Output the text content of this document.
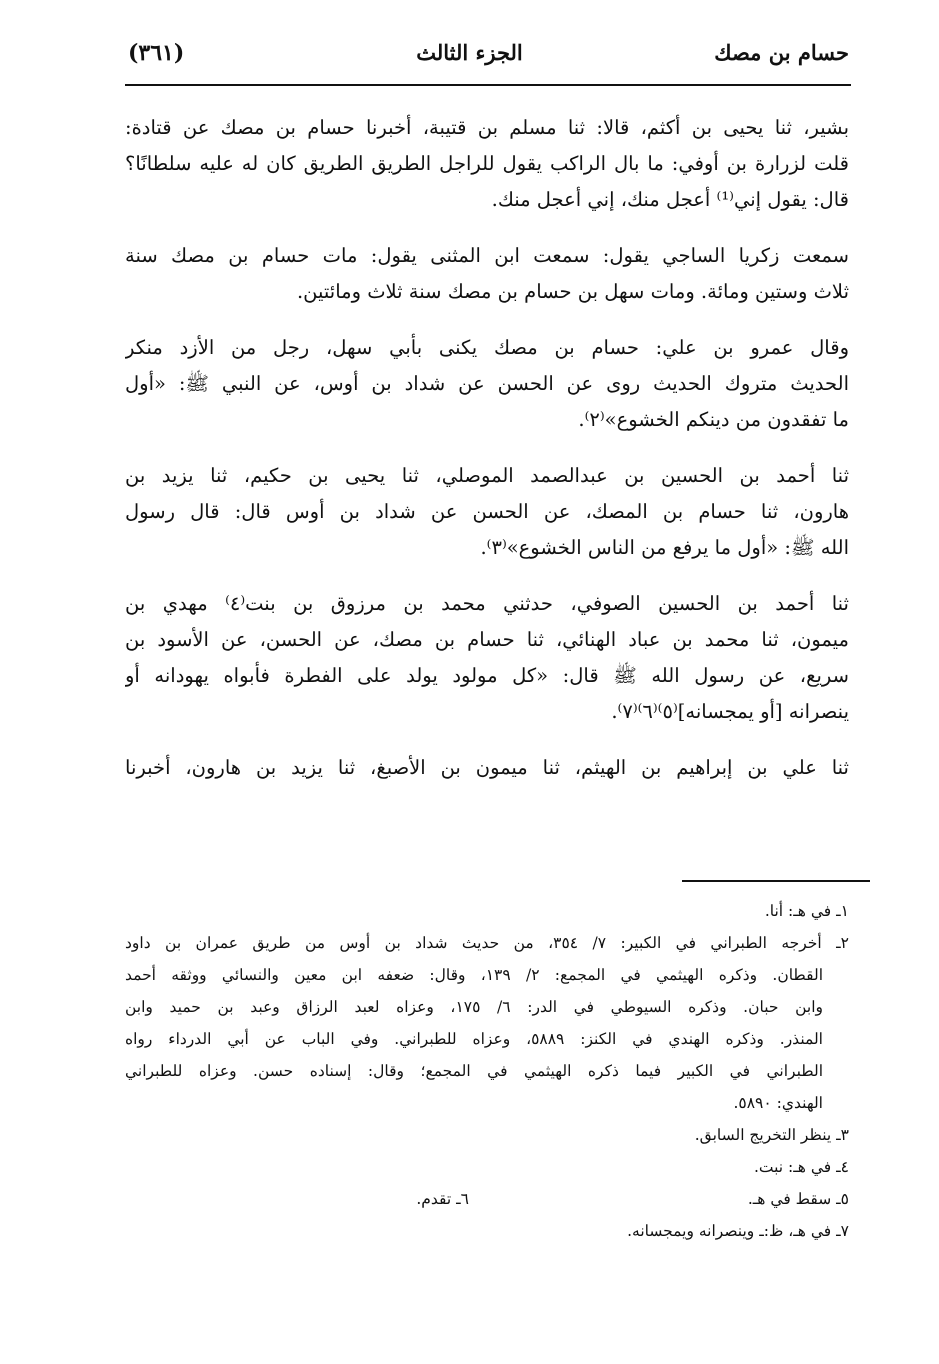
حسام بن مصك
الجزء الثالث
(٣٦١)
بشير، ثنا يحيى بن أكثم، قالا: ثنا مسلم بن قتيبة، أخبرنا حسام بن مصك عن قتادة:
قلت لزرارة بن أوفي: ما بال الراكب يقول للراجل الطريق الطريق كان له عليه سلطانًا؟
قال: يقول إني⁽¹⁾ أعجل منك، إني أعجل منك.
سمعت زكريا الساجي يقول: سمعت ابن المثنى يقول: مات حسام بن مصك سنة
ثلاث وستين ومائة. ومات سهل بن حسام بن مصك سنة ثلاث ومائتين.
وقال عمرو بن علي: حسام بن مصك يكنى بأبي سهل، رجل من الأزد منكر
الحديث متروك الحديث روى عن الحسن عن شداد بن أوس، عن النبي ﷺ: «أول
ما تفقدون من دينكم الخشوع»⁽٢⁾.
ثنا أحمد بن الحسين بن عبدالصمد الموصلي، ثنا يحيى بن حكيم، ثنا يزيد بن
هارون، ثنا حسام بن المصك، عن الحسن عن شداد بن أوس قال: قال رسول
الله ﷺ: «أول ما يرفع من الناس الخشوع»⁽٣⁾.
ثنا أحمد بن الحسين الصوفي، حدثني محمد بن مرزوق بن بنت⁽٤⁾ مهدي بن
ميمون، ثنا محمد بن عباد الهنائي، ثنا حسام بن مصك، عن الحسن، عن الأسود بن
سريع، عن رسول الله ﷺ قال: «كل مولود يولد على الفطرة فأبواه يهودانه أو
ينصرانه [أو يمجسانه]⁽٥⁾⁽٦⁾⁽٧⁾.
ثنا علي بن إبراهيم بن الهيثم، ثنا ميمون بن الأصبغ، ثنا يزيد بن هارون، أخبرنا
١ـ في هـ: أنا.
٢ـ أخرجه الطبراني في الكبير: ٧/ ٣٥٤، من حديث شداد بن أوس من طريق عمران بن داود
القطان. وذكره الهيثمي في المجمع: ٢/ ١٣٩، وقال: ضعفه ابن معين والنسائي ووثقه أحمد
وابن حبان. وذكره السيوطي في الدر: ٦/ ١٧٥، وعزاه لعبد الرزاق وعبد بن حميد وابن
المنذر. وذكره الهندي في الكنز: ٥٨٨٩، وعزاه للطبراني. وفي الباب عن أبي الدرداء رواه
الطبراني في الكبير فيما ذكره الهيثمي في المجمع؛ وقال: إسناده حسن. وعزاه للطبراني
الهندي: ٥٨٩٠.
٣ـ ينظر التخريج السابق.
٤ـ في هـ: نبت.
٥ـ سقط في هـ.
٦ـ تقدم.
٧ـ في هـ، ظ:ـ وينصرانه ويمجسانه.
